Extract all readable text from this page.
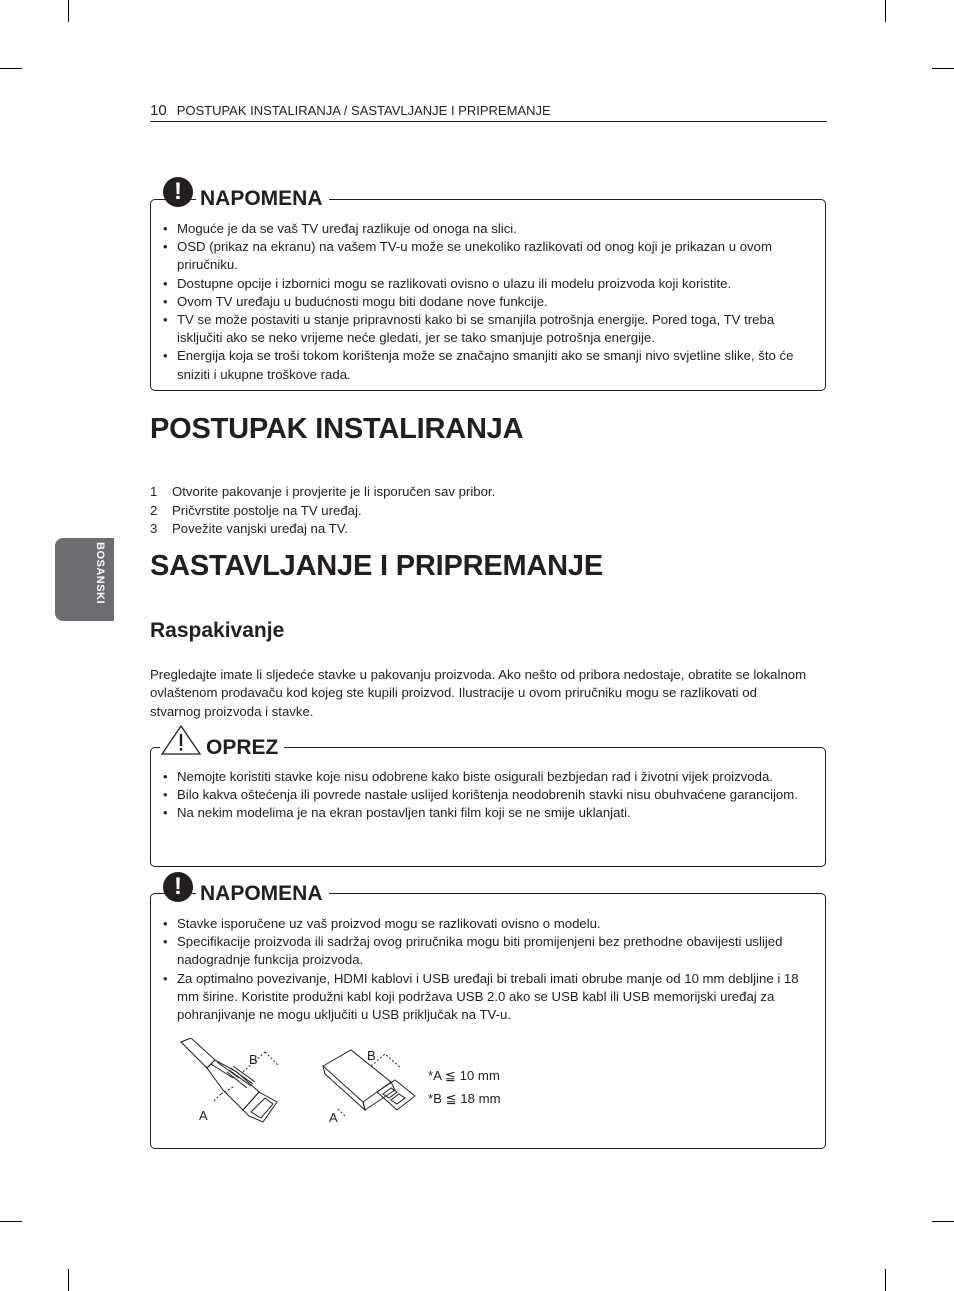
10 POSTUPAK INSTALIRANJA / SASTAVLJANJE I PRIPREMANJE
BOSANSKI
• Moguće je da se vaš TV uređaj razlikuje od onoga na slici.
• OSD (prikaz na ekranu) na vašem TV-u može se unekoliko razlikovati od onog koji je prikazan u ovom priručniku.
• Dostupne opcije i izbornici mogu se razlikovati ovisno o ulazu ili modelu proizvoda koji koristite.
• Ovom TV uređaju u budućnosti mogu biti dodane nove funkcije.
• TV se može postaviti u stanje pripravnosti kako bi se smanjila potrošnja energije. Pored toga, TV treba isključiti ako se neko vrijeme neće gledati, jer se tako smanjuje potrošnja energije.
• Energija koja se troši tokom korištenja može se značajno smanjiti ako se smanji nivo svjetline slike, što će sniziti i ukupne troškove rada.
! NAPOMENA
POSTUPAK INSTALIRANJA
1 Otvorite pakovanje i provjerite je li isporučen sav pribor.
2 Pričvrstite postolje na TV uređaj.
3 Povežite vanjski uređaj na TV.
SASTAVLJANJE I PRIPREMANJE
Raspakivanje
Pregledajte imate li sljedeće stavke u pakovanju proizvoda. Ako nešto od pribora nedostaje, obratite se lokalnom ovlaštenom prodavaču kod kojeg ste kupili proizvod. Ilustracije u ovom priručniku mogu se razlikovati od stvarnog proizvoda i stavke.
• Nemojte koristiti stavke koje nisu odobrene kako biste osigurali bezbjedan rad i životni vijek proizvoda.
• Bilo kakva oštećenja ili povrede nastale uslijed korištenja neodobrenih stavki nisu obuhvaćene garancijom.
• Na nekim modelima je na ekran postavljen tanki film koji se ne smije uklanjati.
OPREZ
• Stavke isporučene uz vaš proizvod mogu se razlikovati ovisno o modelu.
• Specifikacije proizvoda ili sadržaj ovog priručnika mogu biti promijenjeni bez prethodne obavijesti uslijed nadogradnje funkcija proizvoda.
• Za optimalno povezivanje, HDMI kablovi i USB uređaji bi trebali imati obrube manje od 10 mm debljine i 18 mm širine. Koristite produžni kabl koji podržava USB 2.0 ako se USB kabl ili USB memorijski uređaj za pohranjivanje ne mogu uključiti u USB priključak na TV-u.
B
A
B
A
*A ≦ 10 mm
*B ≦ 18 mm
! NAPOMENA
